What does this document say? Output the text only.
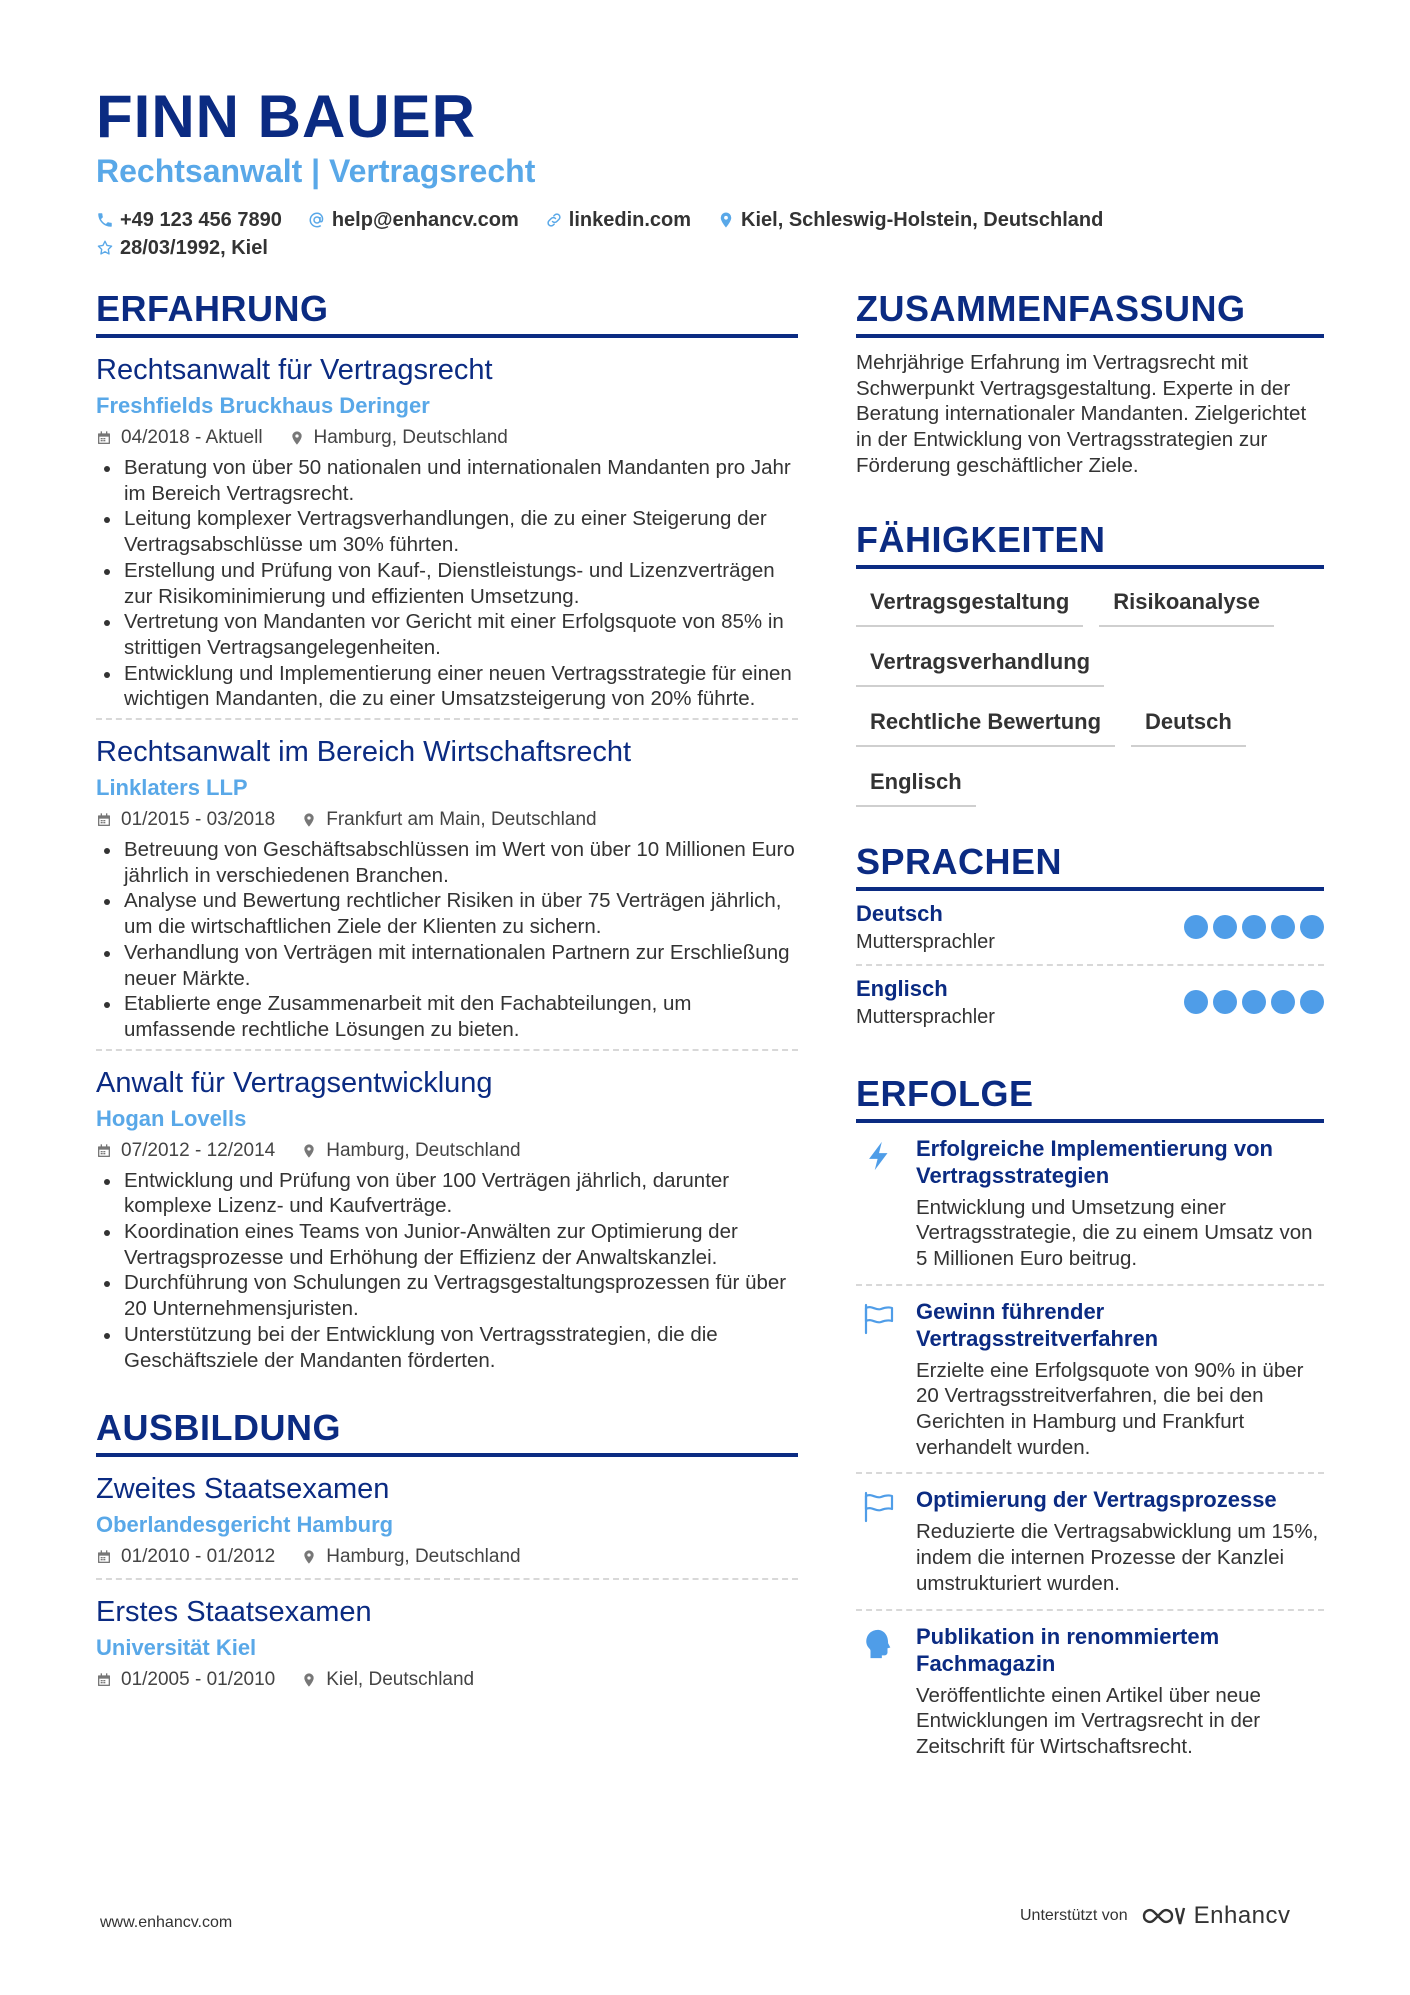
FINN BAUER
Rechtsanwalt | Vertragsrecht
+49 123 456 7890	help@enhancv.com	linkedin.com	Kiel, Schleswig-Holstein, Deutschland
28/03/1992, Kiel
ERFAHRUNG
Rechtsanwalt für Vertragsrecht
Freshfields Bruckhaus Deringer
04/2018 - Aktuell	Hamburg, Deutschland
Beratung von über 50 nationalen und internationalen Mandanten pro Jahr im Bereich Vertragsrecht.
Leitung komplexer Vertragsverhandlungen, die zu einer Steigerung der Vertragsabschlüsse um 30% führten.
Erstellung und Prüfung von Kauf-, Dienstleistungs- und Lizenzverträgen zur Risikominimierung und effizienten Umsetzung.
Vertretung von Mandanten vor Gericht mit einer Erfolgsquote von 85% in strittigen Vertragsangelegenheiten.
Entwicklung und Implementierung einer neuen Vertragsstrategie für einen wichtigen Mandanten, die zu einer Umsatzsteigerung von 20% führte.
Rechtsanwalt im Bereich Wirtschaftsrecht
Linklaters LLP
01/2015 - 03/2018	Frankfurt am Main, Deutschland
Betreuung von Geschäftsabschlüssen im Wert von über 10 Millionen Euro jährlich in verschiedenen Branchen.
Analyse und Bewertung rechtlicher Risiken in über 75 Verträgen jährlich, um die wirtschaftlichen Ziele der Klienten zu sichern.
Verhandlung von Verträgen mit internationalen Partnern zur Erschließung neuer Märkte.
Etablierte enge Zusammenarbeit mit den Fachabteilungen, um umfassende rechtliche Lösungen zu bieten.
Anwalt für Vertragsentwicklung
Hogan Lovells
07/2012 - 12/2014	Hamburg, Deutschland
Entwicklung und Prüfung von über 100 Verträgen jährlich, darunter komplexe Lizenz- und Kaufverträge.
Koordination eines Teams von Junior-Anwälten zur Optimierung der Vertragsprozesse und Erhöhung der Effizienz der Anwaltskanzlei.
Durchführung von Schulungen zu Vertragsgestaltungsprozessen für über 20 Unternehmensjuristen.
Unterstützung bei der Entwicklung von Vertragsstrategien, die die Geschäftsziele der Mandanten förderten.
AUSBILDUNG
Zweites Staatsexamen
Oberlandesgericht Hamburg
01/2010 - 01/2012	Hamburg, Deutschland
Erstes Staatsexamen
Universität Kiel
01/2005 - 01/2010	Kiel, Deutschland
ZUSAMMENFASSUNG
Mehrjährige Erfahrung im Vertragsrecht mit Schwerpunkt Vertragsgestaltung. Experte in der Beratung internationaler Mandanten. Zielgerichtet in der Entwicklung von Vertragsstrategien zur Förderung geschäftlicher Ziele.
FÄHIGKEITEN
Vertragsgestaltung	Risikoanalyse
Vertragsverhandlung
Rechtliche Bewertung	Deutsch
Englisch
SPRACHEN
Deutsch
Muttersprachler
Englisch
Muttersprachler
ERFOLGE
Erfolgreiche Implementierung von Vertragsstrategien
Entwicklung und Umsetzung einer Vertragsstrategie, die zu einem Umsatz von 5 Millionen Euro beitrug.
Gewinn führender Vertragsstreitverfahren
Erzielte eine Erfolgsquote von 90% in über 20 Vertragsstreitverfahren, die bei den Gerichten in Hamburg und Frankfurt verhandelt wurden.
Optimierung der Vertragsprozesse
Reduzierte die Vertragsabwicklung um 15%, indem die internen Prozesse der Kanzlei umstrukturiert wurden.
Publikation in renommiertem Fachmagazin
Veröffentlichte einen Artikel über neue Entwicklungen im Vertragsrecht in der Zeitschrift für Wirtschaftsrecht.
www.enhancv.com	Unterstützt von	Enhancv
